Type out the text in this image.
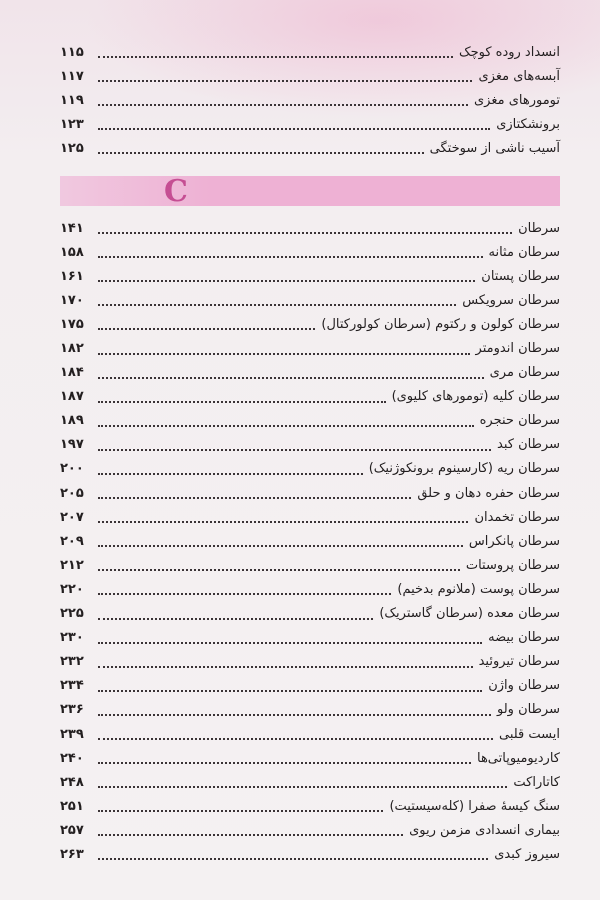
انسداد روده کوچک
۱۱۵
آبسه‌های مغزی
۱۱۷
تومورهای مغزی
۱۱۹
برونشکتازی
۱۲۳
آسیب ناشی از سوختگی
۱۲۵
C
سرطان
۱۴۱
سرطان مثانه
۱۵۸
سرطان پستان
۱۶۱
سرطان سرویکس
۱۷۰
سرطان کولون و رکتوم (سرطان کولورکتال)
۱۷۵
سرطان اندومتر
۱۸۲
سرطان مری
۱۸۴
سرطان کلیه (تومورهای کلیوی)
۱۸۷
سرطان حنجره
۱۸۹
سرطان کبد
۱۹۷
سرطان ریه (کارسینوم برونکوژنیک)
۲۰۰
سرطان حفره دهان و حلق
۲۰۵
سرطان تخمدان
۲۰۷
سرطان پانکراس
۲۰۹
سرطان پروستات
۲۱۲
سرطان پوست (ملانوم بدخیم)
۲۲۰
سرطان معده (سرطان گاستریک)
۲۲۵
سرطان بیضه
۲۳۰
سرطان تیروئید
۲۳۲
سرطان واژن
۲۳۴
سرطان ولو
۲۳۶
ایست قلبی
۲۳۹
کاردیومیوپاتی‌ها
۲۴۰
کاتاراکت
۲۴۸
سنگ کیسهٔ صفرا (کله‌سیستیت)
۲۵۱
بیماری انسدادی مزمن ریوی
۲۵۷
سیروز کبدی
۲۶۳
